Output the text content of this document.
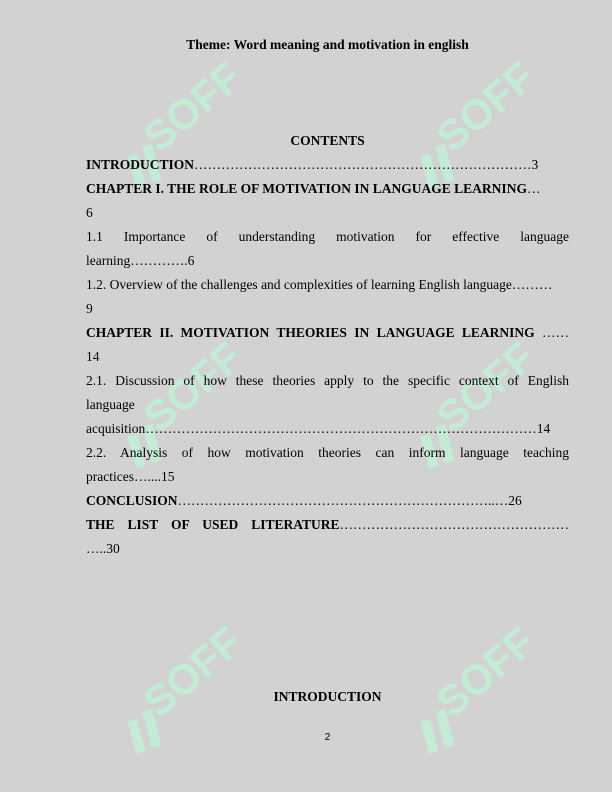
SOFF	SOFF
SOFF	SOFF
SOFF	SOFF
Theme: Word meaning and motivation in english
CONTENTS
INTRODUCTION…………………………………………………………………3
CHAPTER I. THE ROLE OF MOTIVATION IN LANGUAGE LEARNING…
6
1.1 Importance of understanding motivation for effective language
learning………….6
1.2. Overview of the challenges and complexities of learning English language………
9
CHAPTER II. MOTIVATION THEORIES IN LANGUAGE LEARNING ……
14
2.1. Discussion of how these theories apply to the specific context of English
language
acquisition……………………………………………………………………………14
2.2. Analysis of how motivation theories can inform language teaching
practices…....15
CONCLUSION……………………………………………………………..…26
THE LIST OF USED LITERATURE……………………………………………
…..30
INTRODUCTION
2
